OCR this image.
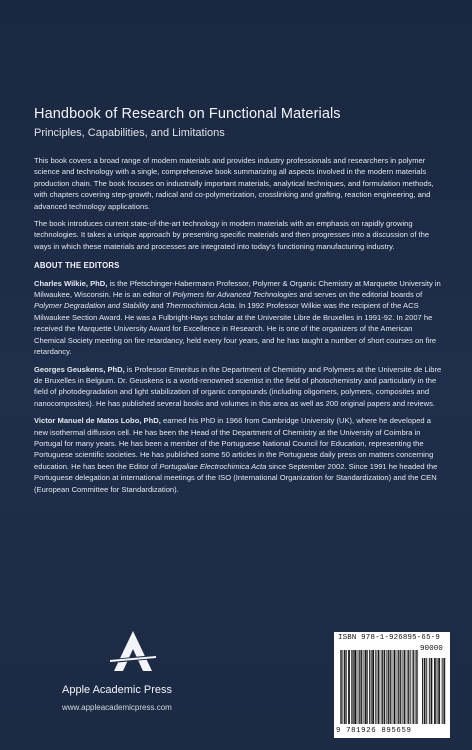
Handbook of Research on Functional Materials
Principles, Capabilities, and Limitations

This book covers a broad range of modern materials and provides industry professionals and researchers in polymer science and technology with a single, comprehensive book summarizing all aspects involved in the modern materials production chain. The book focuses on industrially important materials, analytical techniques, and formulation methods, with chapters covering step-growth, radical and co-polymerization, crosslinking and grafting, reaction engineering, and advanced technology applications.

The book introduces current state-of-the-art technology in modern materials with an emphasis on rapidly growing technologies. It takes a unique approach by presenting specific materials and then progresses into a discussion of the ways in which these materials and processes are integrated into today's functioning manufacturing industry.

ABOUT THE EDITORS

Charles Wilkie, PhD, is the Pfetschinger-Habermann Professor, Polymer & Organic Chemistry at Marquette University in Milwaukee, Wisconsin. He is an editor of Polymers for Advanced Technologies and serves on the editorial boards of Polymer Degradation and Stability and Thermochimica Acta. In 1992 Professor Wilkie was the recipient of the ACS Milwaukee Section Award. He was a Fulbright-Hays scholar at the Universite Libre de Bruxelles in 1991-92. In 2007 he received the Marquette University Award for Excellence in Research. He is one of the organizers of the American Chemical Society meeting on fire retardancy, held every four years, and he has taught a number of short courses on fire retardancy.

Georges Geuskens, PhD, is Professor Emeritus in the Department of Chemistry and Polymers at the Universite de Libre de Bruxelles in Belgium. Dr. Geuskens is a world-renowned scientist in the field of photochemistry and particularly in the field of photodegradation and light stabilization of organic compounds (including oligomers, polymers, composites and nanocomposites). He has published several books and volumes in this area as well as 200 original papers and reviews.

Victor Manuel de Matos Lobo, PhD, earned his PhD in 1966 from Cambridge University (UK), where he developed a new isothermal diffusion cell. He has been the Head of the Department of Chemistry at the University of Coimbra in Portugal for many years. He has been a member of the Portuguese National Council for Education, representing the Portuguese scientific societies. He has published some 50 articles in the Portuguese daily press on matters concerning education. He has been the Editor of Portugaliae Electrochimica Acta since September 2002. Since 1991 he headed the Portuguese delegation at international meetings of the ISO (International Organization for Standardization) and the CEN (European Committee for Standardization).

Apple Academic Press
www.appleacademicpress.com
ISBN 978-1-926895-65-9
90000
9 781926 895659
